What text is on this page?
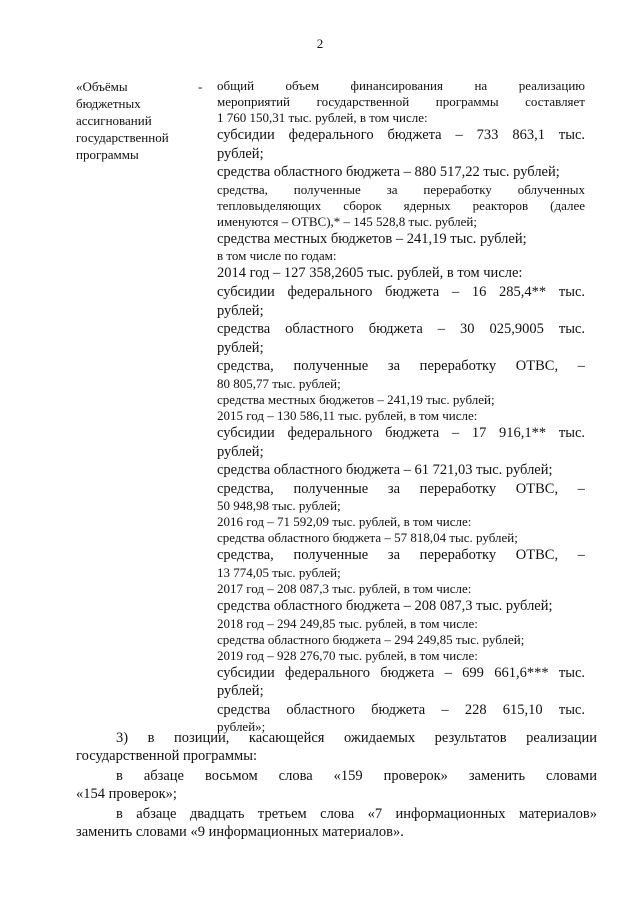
2
«Объёмы
бюджетных
ассигнований
государственной
программы
- общий объем финансирования на реализацию
мероприятий государственной программы составляет
1 760 150,31 тыс. рублей, в том числе:
субсидии федерального бюджета – 733 863,1 тыс.
рублей;
средства областного бюджета – 880 517,22 тыс. рублей;
средства, полученные за переработку облученных
тепловыделяющих сборок ядерных реакторов (далее
именуются – ОТВС),* – 145 528,8 тыс. рублей;
средства местных бюджетов – 241,19 тыс. рублей;
в том числе по годам:
2014 год – 127 358,2605 тыс. рублей, в том числе:
субсидии федерального бюджета – 16 285,4** тыс.
рублей;
средства областного бюджета – 30 025,9005 тыс.
рублей;
средства, полученные за переработку ОТВС, –
80 805,77 тыс. рублей;
средства местных бюджетов – 241,19 тыс. рублей;
2015 год – 130 586,11 тыс. рублей, в том числе:
субсидии федерального бюджета – 17 916,1** тыс.
рублей;
средства областного бюджета – 61 721,03 тыс. рублей;
средства, полученные за переработку ОТВС, –
50 948,98 тыс. рублей;
2016 год – 71 592,09 тыс. рублей, в том числе:
средства областного бюджета – 57 818,04 тыс. рублей;
средства, полученные за переработку ОТВС, –
13 774,05 тыс. рублей;
2017 год – 208 087,3 тыс. рублей, в том числе:
средства областного бюджета – 208 087,3 тыс. рублей;
2018 год – 294 249,85 тыс. рублей, в том числе:
средства областного бюджета – 294 249,85 тыс. рублей;
2019 год – 928 276,70 тыс. рублей, в том числе:
субсидии федерального бюджета – 699 661,6*** тыс.
рублей;
средства областного бюджета – 228 615,10 тыс.
рублей»;
3) в позиции, касающейся ожидаемых результатов реализации
государственной программы:
в абзаце восьмом слова «159 проверок» заменить словами
«154 проверок»;
в абзаце двадцать третьем слова «7 информационных материалов»
заменить словами «9 информационных материалов».
